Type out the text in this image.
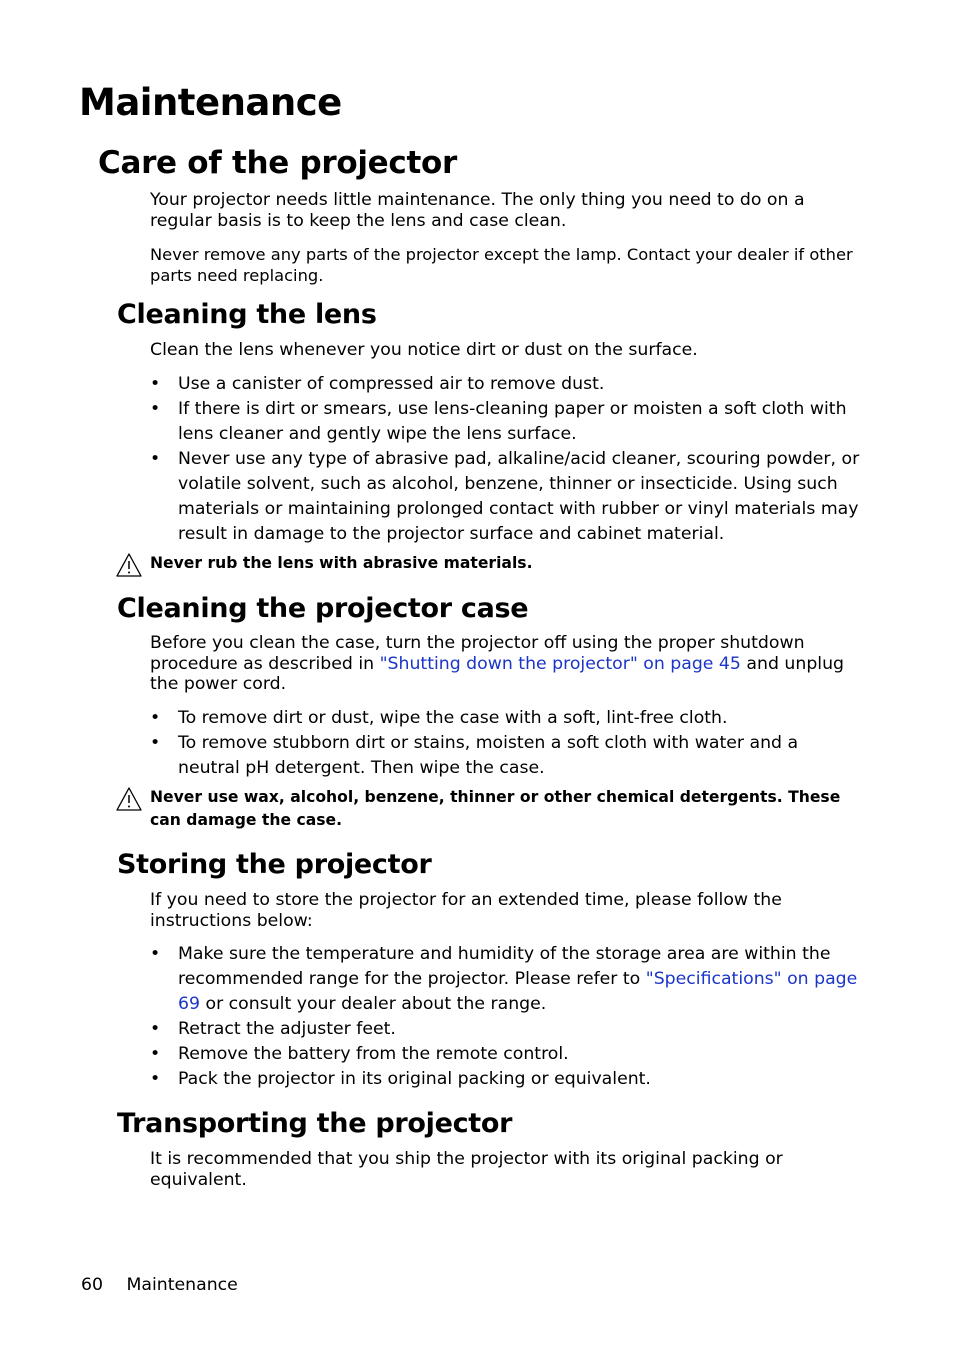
Maintenance
Care of the projector

Your projector needs little maintenance. The only thing you need to do on a regular basis is to keep the lens and case clean.

Never remove any parts of the projector except the lamp. Contact your dealer if other parts need replacing.

Cleaning the lens

Clean the lens whenever you notice dirt or dust on the surface.

• Use a canister of compressed air to remove dust.
• If there is dirt or smears, use lens-cleaning paper or moisten a soft cloth with lens cleaner and gently wipe the lens surface.
• Never use any type of abrasive pad, alkaline/acid cleaner, scouring powder, or volatile solvent, such as alcohol, benzene, thinner or insecticide. Using such materials or maintaining prolonged contact with rubber or vinyl materials may result in damage to the projector surface and cabinet material.
Never rub the lens with abrasive materials.
Cleaning the projector case

Before you clean the case, turn the projector off using the proper shutdown procedure as described in "Shutting down the projector" on page 45 and unplug the power cord.

• To remove dirt or dust, wipe the case with a soft, lint-free cloth.
• To remove stubborn dirt or stains, moisten a soft cloth with water and a neutral pH detergent. Then wipe the case.
Never use wax, alcohol, benzene, thinner or other chemical detergents. These can damage the case.
Storing the projector

If you need to store the projector for an extended time, please follow the instructions below:

• Make sure the temperature and humidity of the storage area are within the recommended range for the projector. Please refer to "Specifications" on page 69 or consult your dealer about the range.
• Retract the adjuster feet.
• Remove the battery from the remote control.
• Pack the projector in its original packing or equivalent.
Transporting the projector

It is recommended that you ship the projector with its original packing or equivalent.

60 Maintenance
